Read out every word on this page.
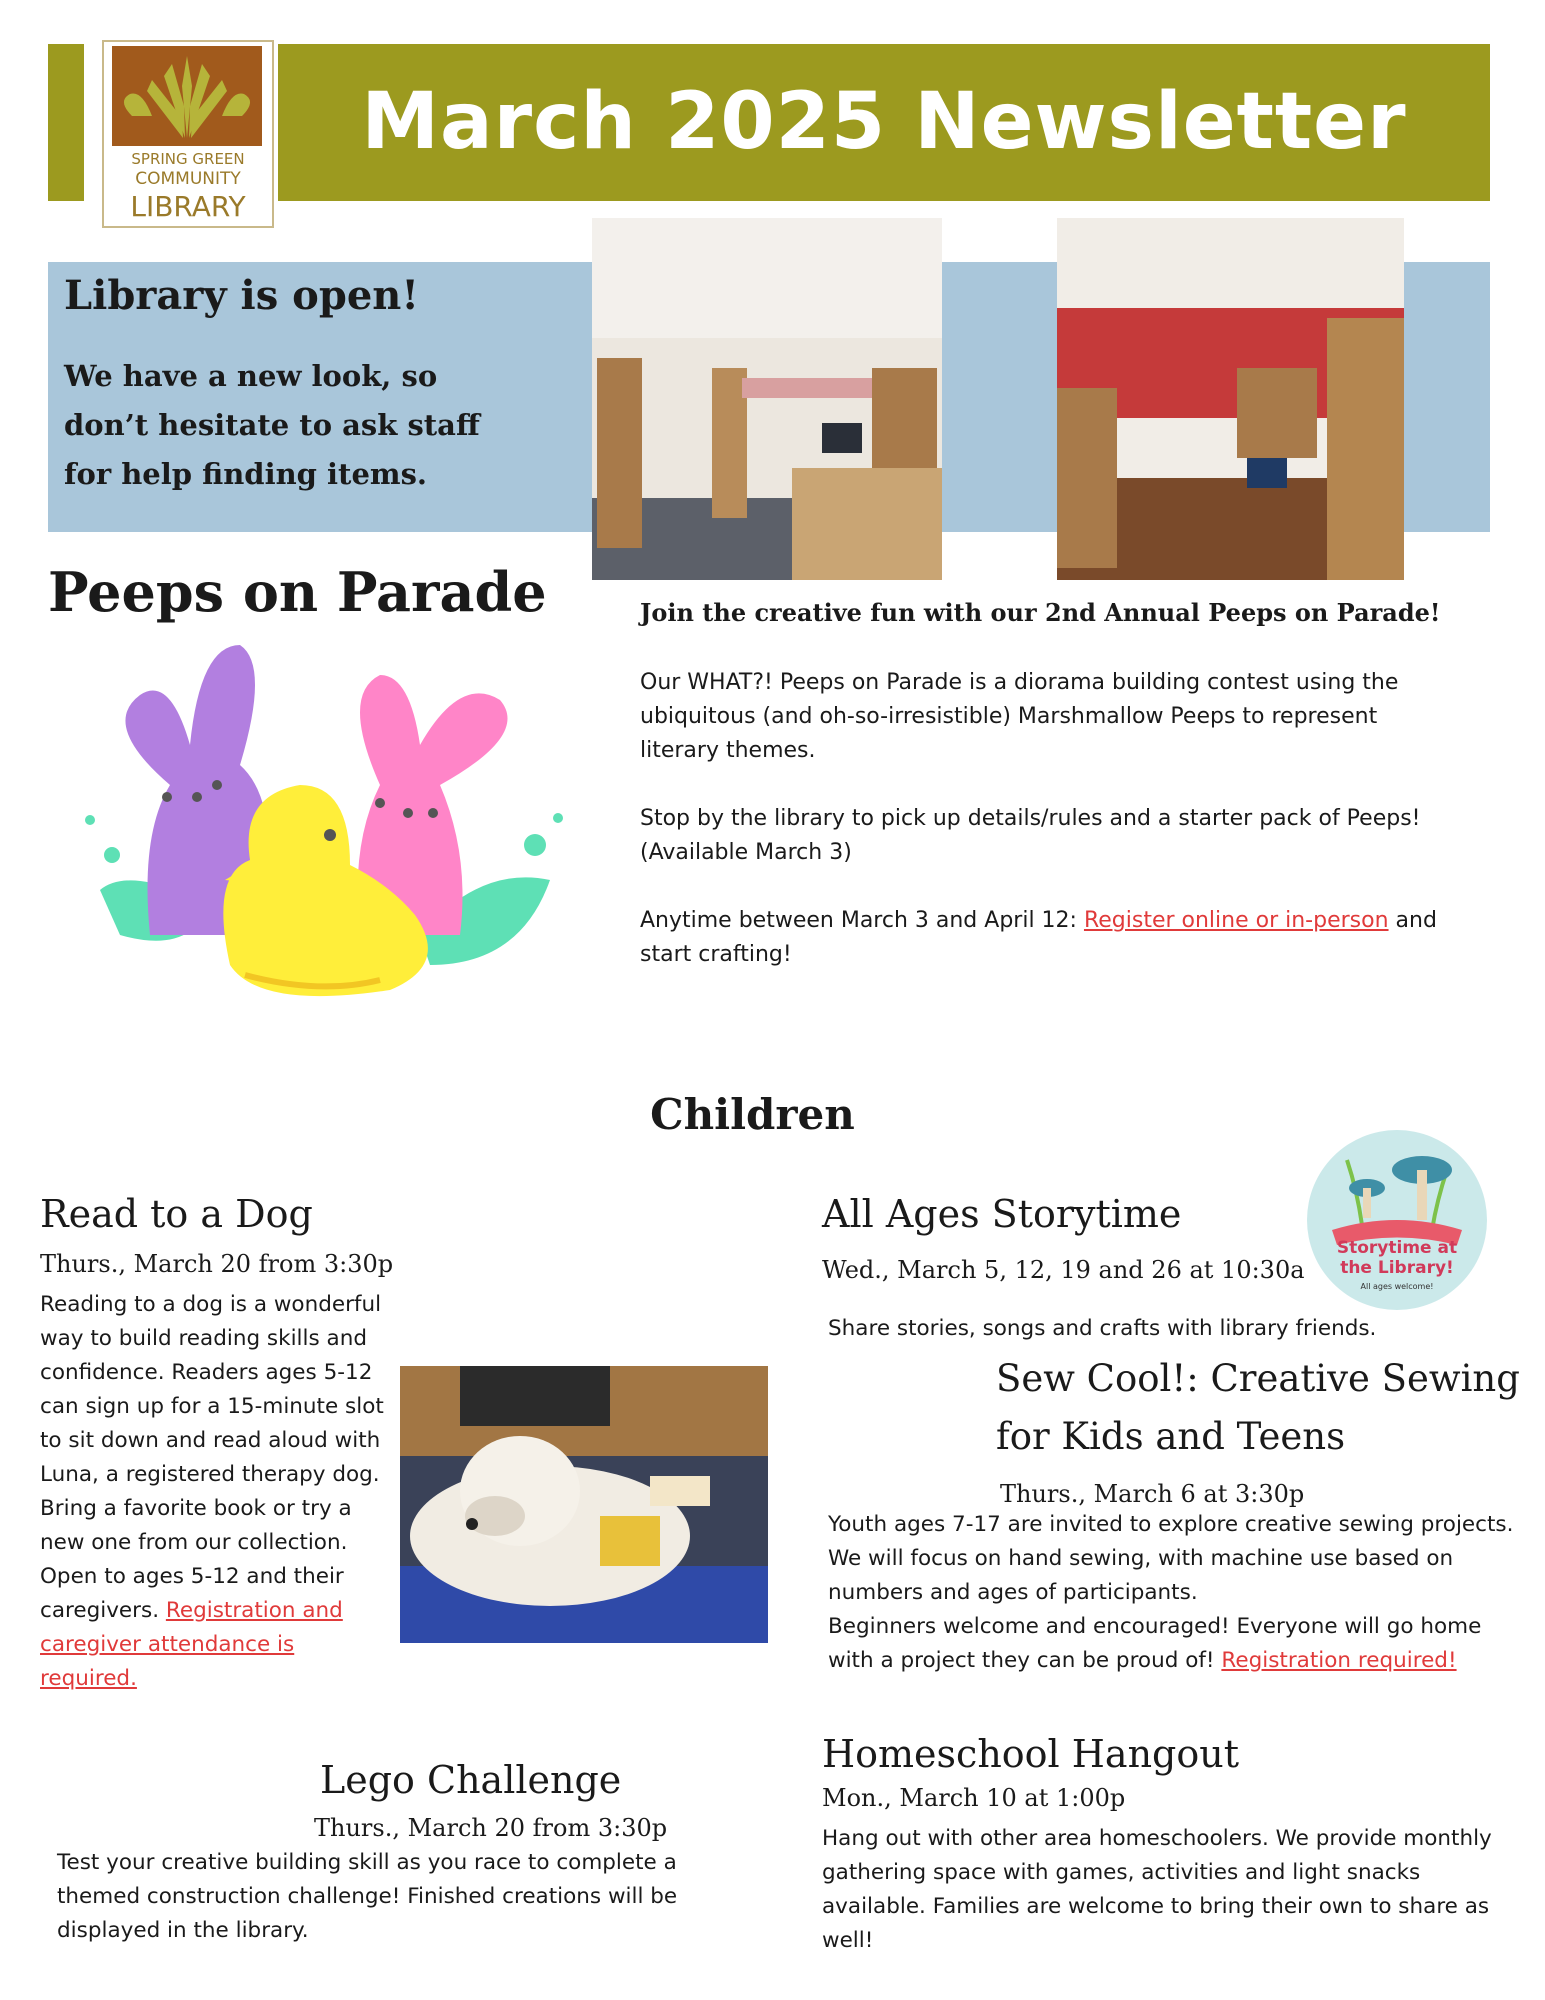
SPRING GREEN
COMMUNITY
LIBRARY
March 2025 Newsletter
Library is open!
We have a new look, so don’t hesitate to ask staff for help finding items.
Peeps on Parade	Join the creative fun with our 2nd Annual Peeps on Parade!
Our WHAT?! Peeps on Parade is a diorama building contest using the ubiquitous (and oh-so-irresistible) Marshmallow Peeps to represent literary themes.
Stop by the library to pick up details/rules and a starter pack of Peeps! (Available March 3)
Anytime between March 3 and April 12: Register online or in-person and start crafting!
Children
Read to a Dog
Thurs., March 20 from 3:30p
Reading to a dog is a wonderful way to build reading skills and confidence. Readers ages 5-12 can sign up for a 15-minute slot to sit down and read aloud with Luna, a registered therapy dog. Bring a favorite book or try a new one from our collection. Open to ages 5-12 and their caregivers. Registration and caregiver attendance is required.
Lego Challenge
Thurs., March 20 from 3:30p
Test your creative building skill as you race to complete a themed construction challenge! Finished creations will be displayed in the library.
All Ages Storytime
Wed., March 5, 12, 19 and 26 at 10:30a
Share stories, songs and crafts with library friends.
Storytime at
the Library!
All ages welcome!
Sew Cool!: Creative Sewing
for Kids and Teens
Thurs., March 6 at 3:30p
Youth ages 7-17 are invited to explore creative sewing projects. We will focus on hand sewing, with machine use based on numbers and ages of participants.
Beginners welcome and encouraged! Everyone will go home with a project they can be proud of! Registration required!
Homeschool Hangout
Mon., March 10 at 1:00p
Hang out with other area homeschoolers. We provide monthly gathering space with games, activities and light snacks available. Families are welcome to bring their own to share as well!
